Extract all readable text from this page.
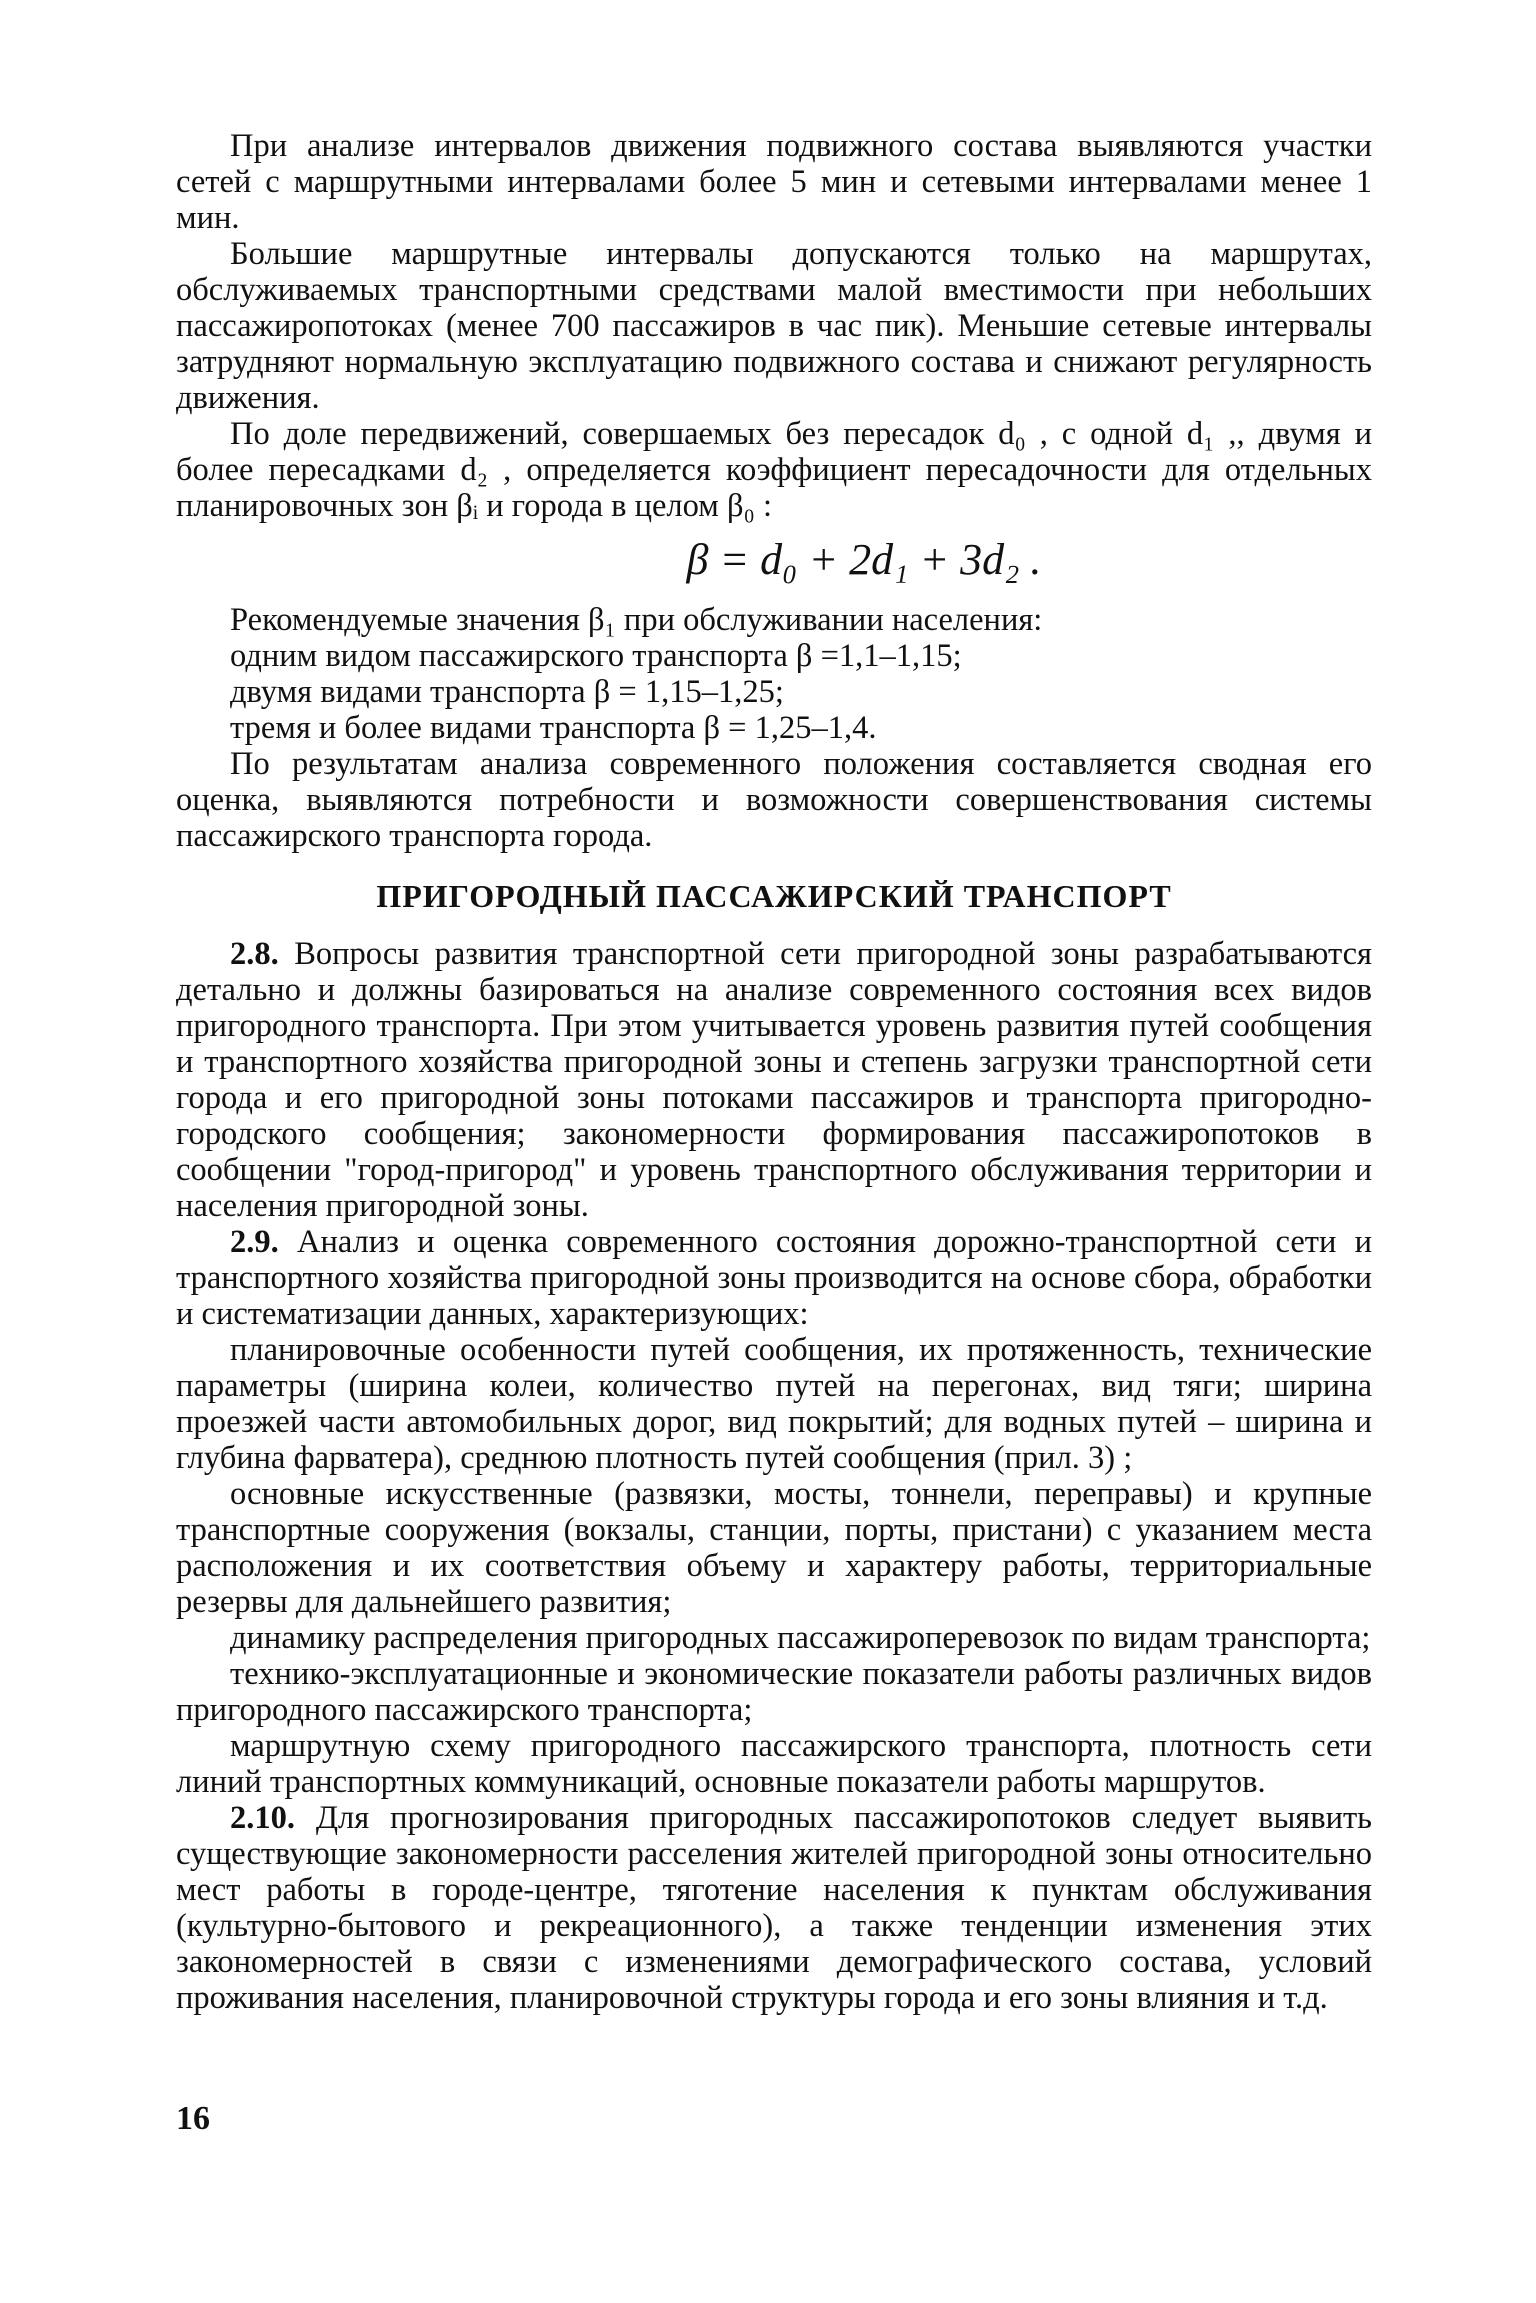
При анализе интервалов движения подвижного состава выявляются участки сетей с маршрутными интервалами более 5 мин и сетевыми интервалами менее 1 мин.

Большие маршрутные интервалы допускаются только на маршрутах, обслуживаемых транспортными средствами малой вместимости при небольших пассажиропотоках (менее 700 пассажиров в час пик). Меньшие сетевые интервалы затрудняют нормальную эксплуатацию подвижного состава и снижают регулярность движения.

По доле передвижений, совершаемых без пересадок d₀ , с одной d₁ ,, двумя и более пересадками d₂ , определяется коэффициент пересадочности для отдельных планировочных зон βᵢ и города в целом β₀ :

β = d₀ + 2d₁ + 3d₂ .
Рекомендуемые значения β₁ при обслуживании населения:
одним видом пассажирского транспорта β =1,1–1,15;
двумя видами транспорта β = 1,15–1,25;
тремя и более видами транспорта β = 1,25–1,4.

По результатам анализа современного положения составляется сводная его оценка, выявляются потребности и возможности совершенствования системы пассажирского транспорта города.

ПРИГОРОДНЫЙ ПАССАЖИРСКИЙ ТРАНСПОРТ

2.8. Вопросы развития транспортной сети пригородной зоны разрабатываются детально и должны базироваться на анализе современного состояния всех видов пригородного транспорта. При этом учитывается уровень развития путей сообщения и транспортного хозяйства пригородной зоны и степень загрузки транспортной сети города и его пригородной зоны потоками пассажиров и транспорта пригородно-городского сообщения; закономерности формирования пассажиропотоков в сообщении "город-пригород" и уровень транспортного обслуживания территории и населения пригородной зоны.

2.9. Анализ и оценка современного состояния дорожно-транспортной сети и транспортного хозяйства пригородной зоны производится на основе сбора, обработки и систематизации данных, характеризующих:

планировочные особенности путей сообщения, их протяженность, технические параметры (ширина колеи, количество путей на перегонах, вид тяги; ширина проезжей части автомобильных дорог, вид покрытий; для водных путей – ширина и глубина фарватера), среднюю плотность путей сообщения (прил. 3) ;

основные искусственные (развязки, мосты, тоннели, переправы) и крупные транспортные сооружения (вокзалы, станции, порты, пристани) с указанием места расположения и их соответствия объему и характеру работы, территориальные резервы для дальнейшего развития;

динамику распределения пригородных пассажироперевозок по видам транспорта;

технико-эксплуатационные и экономические показатели работы различных видов пригородного пассажирского транспорта;

маршрутную схему пригородного пассажирского транспорта, плотность сети линий транспортных коммуникаций, основные показатели работы маршрутов.

2.10. Для прогнозирования пригородных пассажиропотоков следует выявить существующие закономерности расселения жителей пригородной зоны относительно мест работы в городе-центре, тяготение населения к пунктам обслуживания (культурно-бытового и рекреационного), а также тенденции изменения этих закономерностей в связи с изменениями демографического состава, условий проживания населения, планировочной структуры города и его зоны влияния и т.д.

16
